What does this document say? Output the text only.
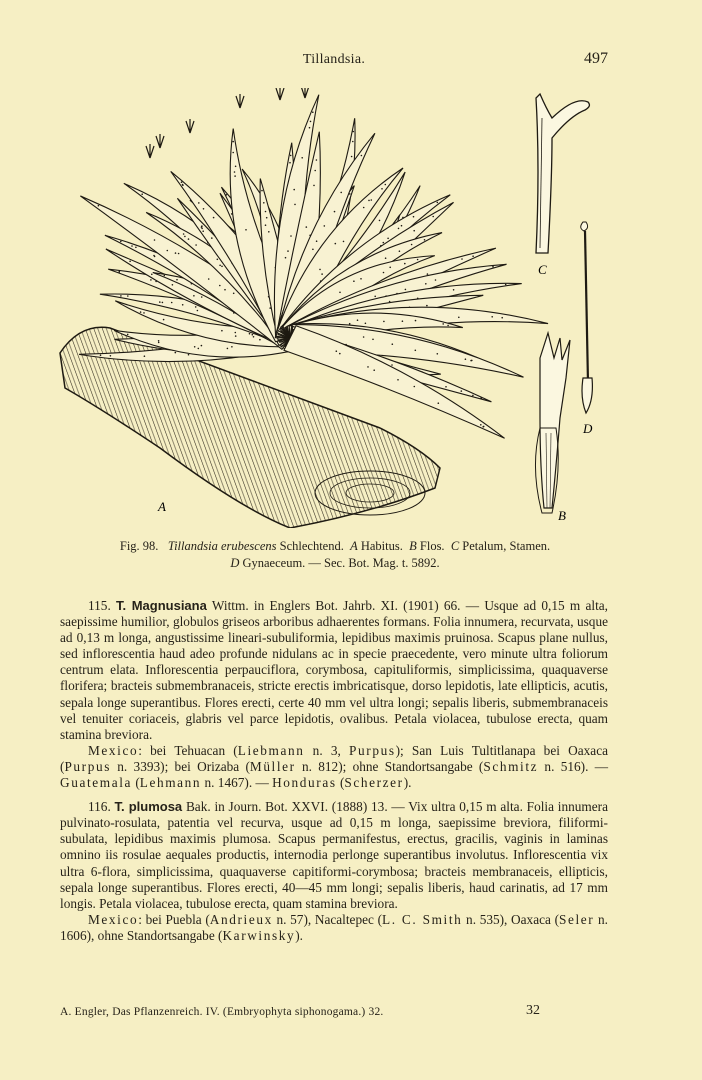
Tillandsia.	497
C
D
B
A
Fig. 98. Tillandsia erubescens Schlechtend. A Habitus. B Flos. C Petalum, Stamen.
D Gynaeceum. — Sec. Bot. Mag. t. 5892.

115. T. Magnusiana Wittm. in Englers Bot. Jahrb. XI. (1901) 66. — Usque ad 0,15 m alta, saepissime humilior, globulos griseos arboribus adhaerentes formans. Folia innumera, recurvata, usque ad 0,13 m longa, angustissime lineari-subuliformia, lepidibus maximis pruinosa. Scapus plane nullus, sed inflorescentia haud adeo profunde nidulans ac in specie praecedente, vero minute ultra foliorum centrum elata. Inflorescentia perpauciflora, corymbosa, capituliformis, simplicissima, quaquaverse florifera; bracteis submembranaceis, stricte erectis imbricatisque, dorso lepidotis, late ellipticis, acutis, sepala longe superantibus. Flores erecti, certe 40 mm vel ultra longi; sepalis liberis, submembranaceis vel tenuiter coriaceis, glabris vel parce lepidotis, ovalibus. Petala violacea, tubulose erecta, quam stamina breviora.

Mexico: bei Tehuacan (Liebmann n. 3, Purpus); San Luis Tultitlanapa bei Oaxaca (Purpus n. 3393); bei Orizaba (Müller n. 812); ohne Standortsangabe (Schmitz n. 516). — Guatemala (Lehmann n. 1467). — Honduras (Scherzer).

116. T. plumosa Bak. in Journ. Bot. XXVI. (1888) 13. — Vix ultra 0,15 m alta. Folia innumera pulvinato-rosulata, patentia vel recurva, usque ad 0,15 m longa, saepissime breviora, filiformi-subulata, lepidibus maximis plumosa. Scapus permanifestus, erectus, gracilis, vaginis in laminas omnino iis rosulae aequales productis, internodia perlonge superantibus involutus. Inflorescentia vix ultra 6-flora, simplicissima, quaquaverse capitiformi-corymbosa; bracteis membranaceis, ellipticis, sepala longe superantibus. Flores erecti, 40—45 mm longi; sepalis liberis, haud carinatis, ad 17 mm longis. Petala violacea, tubulose erecta, quam stamina breviora.

Mexico: bei Puebla (Andrieux n. 57), Nacaltepec (L. C. Smith n. 535), Oaxaca (Seler n. 1606), ohne Standortsangabe (Karwinsky).

A. Engler, Das Pflanzenreich. IV. (Embryophyta siphonogama.) 32.	32
